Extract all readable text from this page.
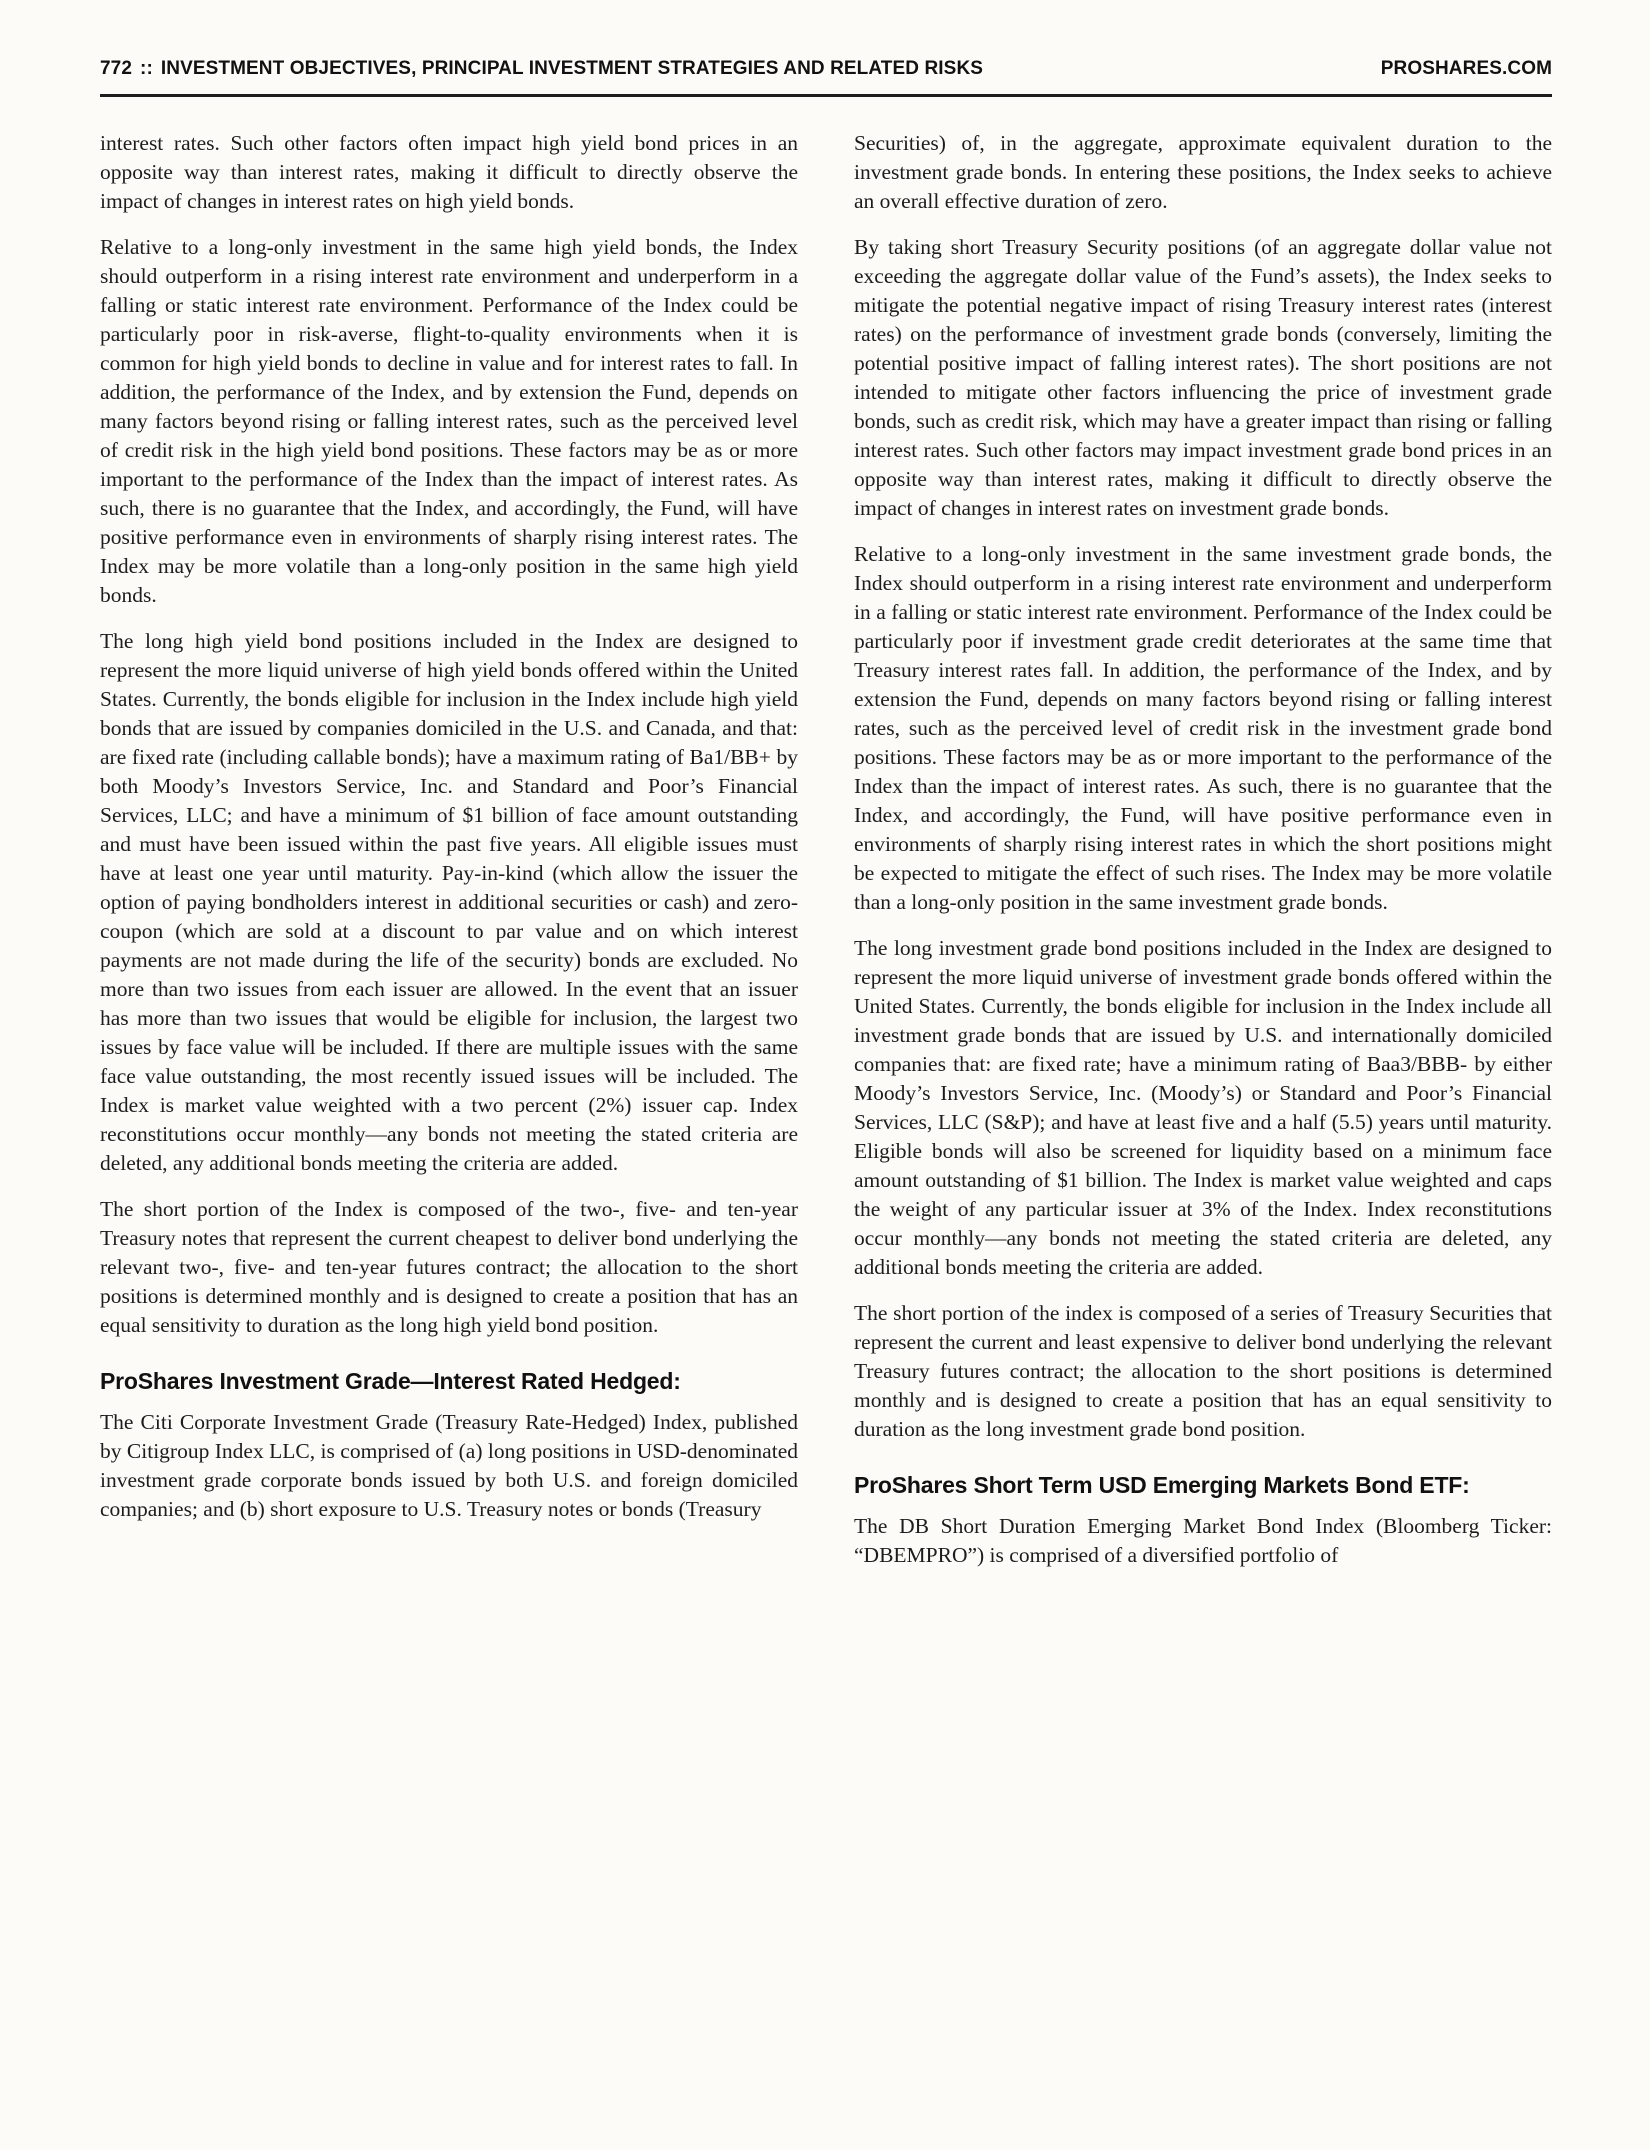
772 :: INVESTMENT OBJECTIVES, PRINCIPAL INVESTMENT STRATEGIES AND RELATED RISKS	PROSHARES.COM

interest rates. Such other factors often impact high yield bond prices in an opposite way than interest rates, making it difficult to directly observe the impact of changes in interest rates on high yield bonds.

Relative to a long-only investment in the same high yield bonds, the Index should outperform in a rising interest rate environment and underperform in a falling or static interest rate environment. Performance of the Index could be particularly poor in risk-averse, flight-to-quality environments when it is common for high yield bonds to decline in value and for interest rates to fall. In addition, the performance of the Index, and by extension the Fund, depends on many factors beyond rising or falling interest rates, such as the perceived level of credit risk in the high yield bond positions. These factors may be as or more important to the performance of the Index than the impact of interest rates. As such, there is no guarantee that the Index, and accordingly, the Fund, will have positive performance even in environments of sharply rising interest rates. The Index may be more volatile than a long-only position in the same high yield bonds.

The long high yield bond positions included in the Index are designed to represent the more liquid universe of high yield bonds offered within the United States. Currently, the bonds eligible for inclusion in the Index include high yield bonds that are issued by companies domiciled in the U.S. and Canada, and that: are fixed rate (including callable bonds); have a maximum rating of Ba1/BB+ by both Moody’s Investors Service, Inc. and Standard and Poor’s Financial Services, LLC; and have a minimum of $1 billion of face amount outstanding and must have been issued within the past five years. All eligible issues must have at least one year until maturity. Pay-in-kind (which allow the issuer the option of paying bondholders interest in additional securities or cash) and zero-coupon (which are sold at a discount to par value and on which interest payments are not made during the life of the security) bonds are excluded. No more than two issues from each issuer are allowed. In the event that an issuer has more than two issues that would be eligible for inclusion, the largest two issues by face value will be included. If there are multiple issues with the same face value outstanding, the most recently issued issues will be included. The Index is market value weighted with a two percent (2%) issuer cap. Index reconstitutions occur monthly—any bonds not meeting the stated criteria are deleted, any additional bonds meeting the criteria are added.

The short portion of the Index is composed of the two-, five- and ten-year Treasury notes that represent the current cheapest to deliver bond underlying the relevant two-, five- and ten-year futures contract; the allocation to the short positions is determined monthly and is designed to create a position that has an equal sensitivity to duration as the long high yield bond position.

ProShares Investment Grade—Interest Rated Hedged:

The Citi Corporate Investment Grade (Treasury Rate-Hedged) Index, published by Citigroup Index LLC, is comprised of (a) long positions in USD-denominated investment grade corporate bonds issued by both U.S. and foreign domiciled companies; and (b) short exposure to U.S. Treasury notes or bonds (Treasury

Securities) of, in the aggregate, approximate equivalent duration to the investment grade bonds. In entering these positions, the Index seeks to achieve an overall effective duration of zero.

By taking short Treasury Security positions (of an aggregate dollar value not exceeding the aggregate dollar value of the Fund’s assets), the Index seeks to mitigate the potential negative impact of rising Treasury interest rates (interest rates) on the performance of investment grade bonds (conversely, limiting the potential positive impact of falling interest rates). The short positions are not intended to mitigate other factors influencing the price of investment grade bonds, such as credit risk, which may have a greater impact than rising or falling interest rates. Such other factors may impact investment grade bond prices in an opposite way than interest rates, making it difficult to directly observe the impact of changes in interest rates on investment grade bonds.

Relative to a long-only investment in the same investment grade bonds, the Index should outperform in a rising interest rate environment and underperform in a falling or static interest rate environment. Performance of the Index could be particularly poor if investment grade credit deteriorates at the same time that Treasury interest rates fall. In addition, the performance of the Index, and by extension the Fund, depends on many factors beyond rising or falling interest rates, such as the perceived level of credit risk in the investment grade bond positions. These factors may be as or more important to the performance of the Index than the impact of interest rates. As such, there is no guarantee that the Index, and accordingly, the Fund, will have positive performance even in environments of sharply rising interest rates in which the short positions might be expected to mitigate the effect of such rises. The Index may be more volatile than a long-only position in the same investment grade bonds.

The long investment grade bond positions included in the Index are designed to represent the more liquid universe of investment grade bonds offered within the United States. Currently, the bonds eligible for inclusion in the Index include all investment grade bonds that are issued by U.S. and internationally domiciled companies that: are fixed rate; have a minimum rating of Baa3/BBB- by either Moody’s Investors Service, Inc. (Moody’s) or Standard and Poor’s Financial Services, LLC (S&P); and have at least five and a half (5.5) years until maturity. Eligible bonds will also be screened for liquidity based on a minimum face amount outstanding of $1 billion. The Index is market value weighted and caps the weight of any particular issuer at 3% of the Index. Index reconstitutions occur monthly—any bonds not meeting the stated criteria are deleted, any additional bonds meeting the criteria are added.

The short portion of the index is composed of a series of Treasury Securities that represent the current and least expensive to deliver bond underlying the relevant Treasury futures contract; the allocation to the short positions is determined monthly and is designed to create a position that has an equal sensitivity to duration as the long investment grade bond position.

ProShares Short Term USD Emerging Markets Bond ETF:

The DB Short Duration Emerging Market Bond Index (Bloomberg Ticker: “DBEMPRO”) is comprised of a diversified portfolio of
